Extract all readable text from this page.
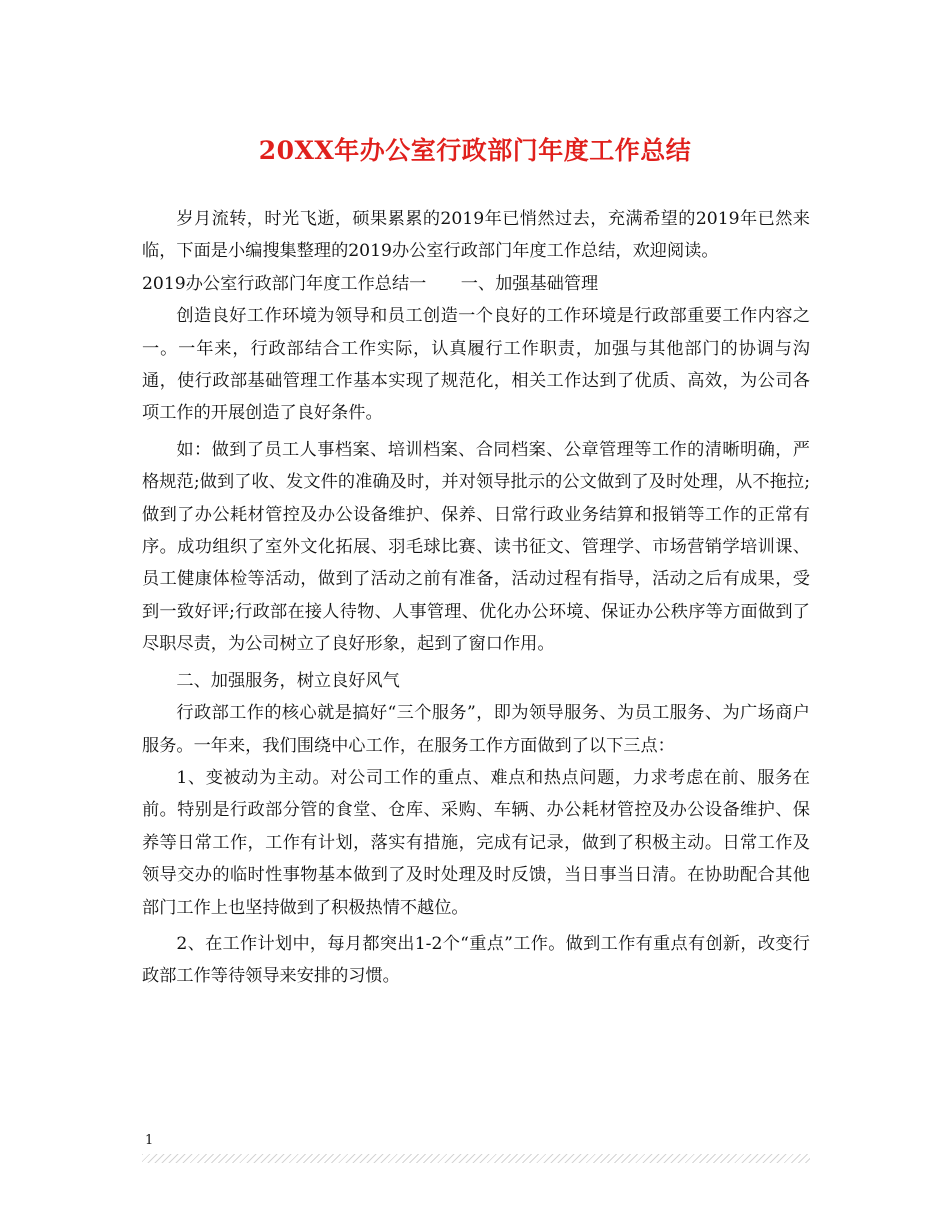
20XX年办公室行政部门年度工作总结

岁月流转，时光飞逝，硕果累累的2019年已悄然过去，充满希望的2019年已然来临，下面是小编搜集整理的2019办公室行政部门年度工作总结，欢迎阅读。

2019办公室行政部门年度工作总结一　　一、加强基础管理

创造良好工作环境为领导和员工创造一个良好的工作环境是行政部重要工作内容之一。一年来，行政部结合工作实际，认真履行工作职责，加强与其他部门的协调与沟通，使行政部基础管理工作基本实现了规范化，相关工作达到了优质、高效，为公司各项工作的开展创造了良好条件。

如：做到了员工人事档案、培训档案、合同档案、公章管理等工作的清晰明确，严格规范;做到了收、发文件的准确及时，并对领导批示的公文做到了及时处理，从不拖拉;做到了办公耗材管控及办公设备维护、保养、日常行政业务结算和报销等工作的正常有序。成功组织了室外文化拓展、羽毛球比赛、读书征文、管理学、市场营销学培训课、员工健康体检等活动，做到了活动之前有准备，活动过程有指导，活动之后有成果，受到一致好评;行政部在接人待物、人事管理、优化办公环境、保证办公秩序等方面做到了尽职尽责，为公司树立了良好形象，起到了窗口作用。

二、加强服务，树立良好风气

行政部工作的核心就是搞好“三个服务”，即为领导服务、为员工服务、为广场商户服务。一年来，我们围绕中心工作，在服务工作方面做到了以下三点：

1、变被动为主动。对公司工作的重点、难点和热点问题，力求考虑在前、服务在前。特别是行政部分管的食堂、仓库、采购、车辆、办公耗材管控及办公设备维护、保养等日常工作，工作有计划，落实有措施，完成有记录，做到了积极主动。日常工作及领导交办的临时性事物基本做到了及时处理及时反馈，当日事当日清。在协助配合其他部门工作上也坚持做到了积极热情不越位。

2、在工作计划中，每月都突出1-2个“重点”工作。做到工作有重点有创新，改变行政部工作等待领导来安排的习惯。

1
